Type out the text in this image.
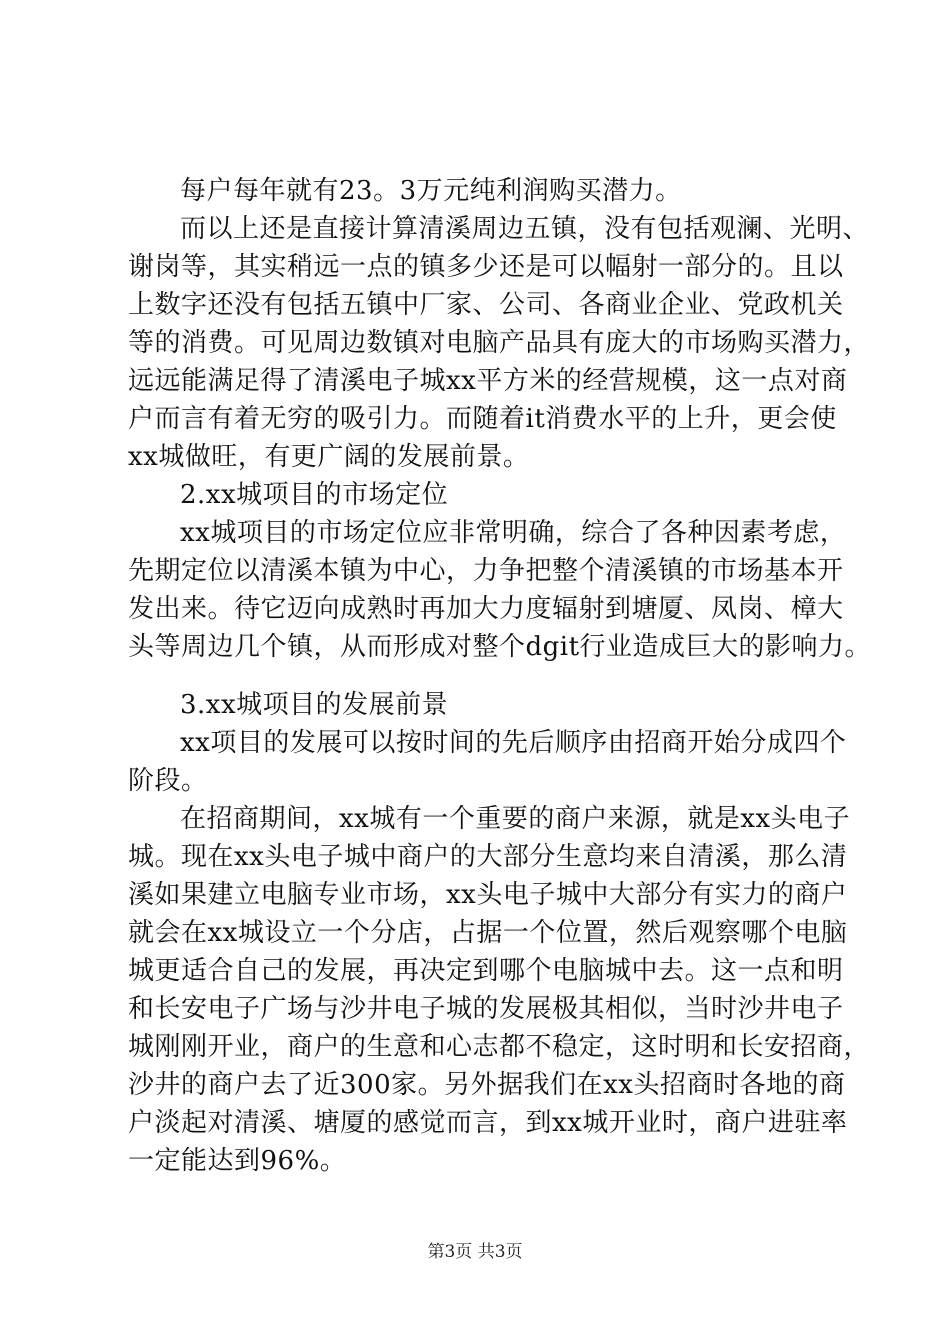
每户每年就有23。3万元纯利润购买潜力。
而以上还是直接计算清溪周边五镇，没有包括观澜、光明、
谢岗等，其实稍远一点的镇多少还是可以幅射一部分的。且以
上数字还没有包括五镇中厂家、公司、各商业企业、党政机关
等的消费。可见周边数镇对电脑产品具有庞大的市场购买潜力，
远远能满足得了清溪电子城xx平方米的经营规模，这一点对商
户而言有着无穷的吸引力。而随着it消费水平的上升，更会使
xx城做旺，有更广阔的发展前景。
2.xx城项目的市场定位
xx城项目的市场定位应非常明确，综合了各种因素考虑，
先期定位以清溪本镇为中心，力争把整个清溪镇的市场基本开
发出来。待它迈向成熟时再加大力度辐射到塘厦、凤岗、樟大
头等周边几个镇，从而形成对整个dgit行业造成巨大的影响力。
3.xx城项目的发展前景
xx项目的发展可以按时间的先后顺序由招商开始分成四个
阶段。
在招商期间，xx城有一个重要的商户来源，就是xx头电子
城。现在xx头电子城中商户的大部分生意均来自清溪，那么清
溪如果建立电脑专业市场，xx头电子城中大部分有实力的商户
就会在xx城设立一个分店，占据一个位置，然后观察哪个电脑
城更适合自己的发展，再决定到哪个电脑城中去。这一点和明
和长安电子广场与沙井电子城的发展极其相似，当时沙井电子
城刚刚开业，商户的生意和心志都不稳定，这时明和长安招商，
沙井的商户去了近300家。另外据我们在xx头招商时各地的商
户淡起对清溪、塘厦的感觉而言，到xx城开业时，商户进驻率
一定能达到96%。
第3页 共3页
